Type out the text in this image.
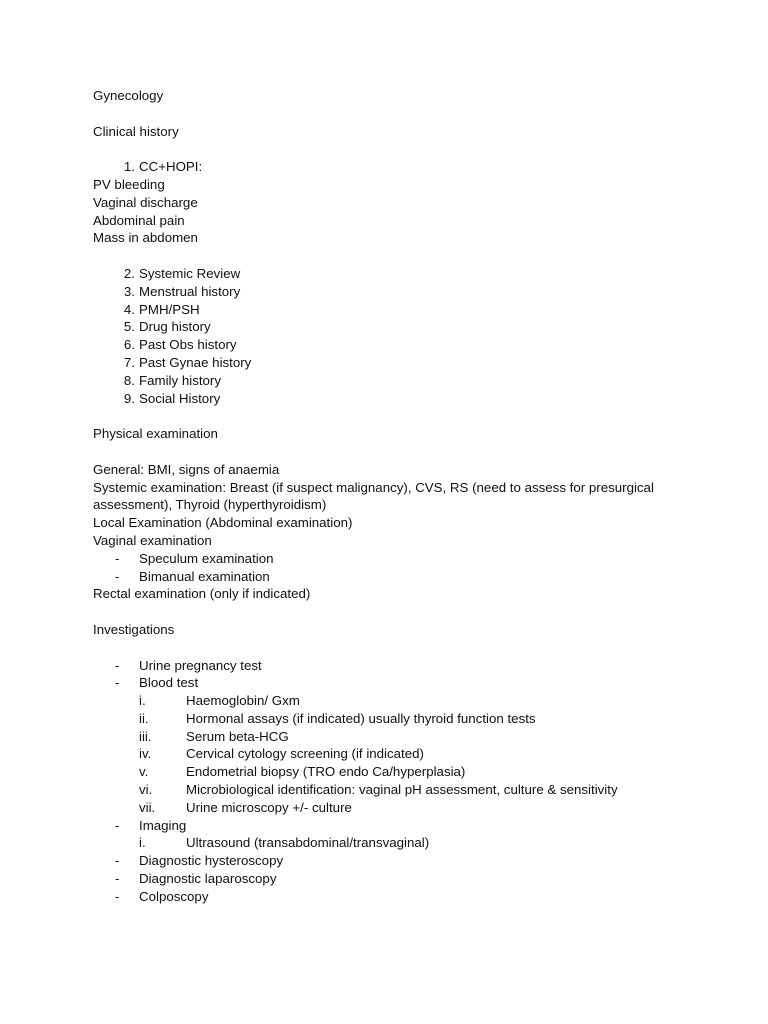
Gynecology
Clinical history
1. CC+HOPI:
PV bleeding
Vaginal discharge
Abdominal pain
Mass in abdomen
2. Systemic Review
3. Menstrual history
4. PMH/PSH
5. Drug history
6. Past Obs history
7. Past Gynae history
8. Family history
9. Social History
Physical examination
General: BMI, signs of anaemia
Systemic examination: Breast (if suspect malignancy), CVS, RS (need to assess for presurgical assessment), Thyroid (hyperthyroidism)
Local Examination (Abdominal examination)
Vaginal examination
- Speculum examination
- Bimanual examination
Rectal examination (only if indicated)
Investigations
- Urine pregnancy test
- Blood test
i.	Haemoglobin/ Gxm
ii.	Hormonal assays (if indicated) usually thyroid function tests
iii.	Serum beta-HCG
iv.	Cervical cytology screening (if indicated)
v.	Endometrial biopsy (TRO endo Ca/hyperplasia)
vi.	Microbiological identification: vaginal pH assessment, culture & sensitivity
vii. Urine microscopy +/- culture
- Imaging
i.	Ultrasound (transabdominal/transvaginal)
- Diagnostic hysteroscopy
- Diagnostic laparoscopy
- Colposcopy
